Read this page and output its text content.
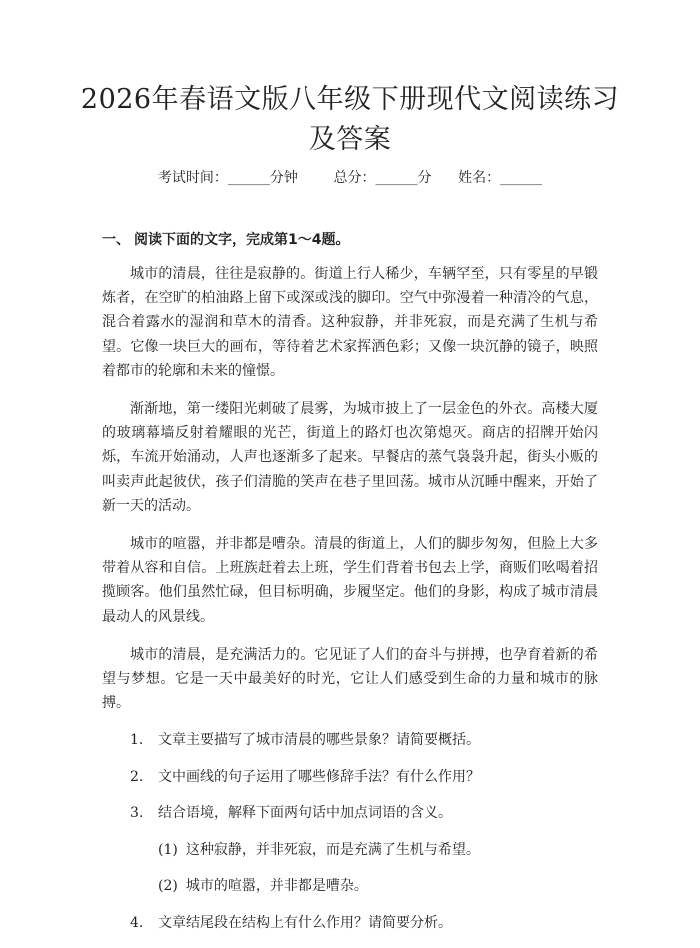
2026年春语文版八年级下册现代文阅读练习
及答案
考试时间：______分钟	总分：______分 姓名：______
一、 阅读下面的文字，完成第1～4题。

城市的清晨，往往是寂静的。街道上行人稀少，车辆罕至，只有零星的早锻炼者，在空旷的柏油路上留下或深或浅的脚印。空气中弥漫着一种清冷的气息，混合着露水的湿润和草木的清香。这种寂静，并非死寂，而是充满了生机与希望。它像一块巨大的画布，等待着艺术家挥洒色彩；又像一块沉静的镜子，映照着都市的轮廓和未来的憧憬。

渐渐地，第一缕阳光刺破了晨雾，为城市披上了一层金色的外衣。高楼大厦的玻璃幕墙反射着耀眼的光芒，街道上的路灯也次第熄灭。商店的招牌开始闪烁，车流开始涌动，人声也逐渐多了起来。早餐店的蒸气袅袅升起，街头小贩的叫卖声此起彼伏，孩子们清脆的笑声在巷子里回荡。城市从沉睡中醒来，开始了新一天的活动。

城市的喧嚣，并非都是嘈杂。清晨的街道上，人们的脚步匆匆，但脸上大多带着从容和自信。上班族赶着去上班，学生们背着书包去上学，商贩们吆喝着招揽顾客。他们虽然忙碌，但目标明确，步履坚定。他们的身影，构成了城市清晨最动人的风景线。

城市的清晨，是充满活力的。它见证了人们的奋斗与拼搏，也孕育着新的希望与梦想。它是一天中最美好的时光，它让人们感受到生命的力量和城市的脉搏。

1. 文章主要描写了城市清晨的哪些景象？请简要概括。
2. 文中画线的句子运用了哪些修辞手法？有什么作用？
3. 结合语境，解释下面两句话中加点词语的含义。
(1) 这种寂静，并非死寂，而是充满了生机与希望。
(2) 城市的喧嚣，并非都是嘈杂。
4. 文章结尾段在结构上有什么作用？请简要分析。
